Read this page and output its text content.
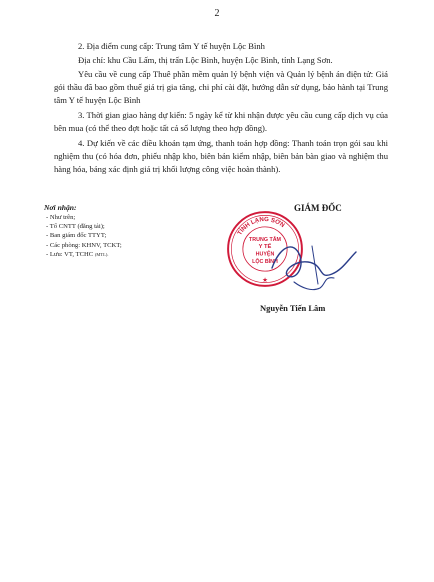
2
2. Địa điểm cung cấp: Trung tâm Y tế huyện Lộc Bình
Địa chỉ: khu Cầu Lấm, thị trấn Lộc Bình, huyện Lộc Bình, tỉnh Lạng Sơn.
Yêu cầu về cung cấp Thuê phần mềm quản lý bệnh viện và Quản lý bệnh án điện tử: Giá gói thầu đã bao gồm thuế giá trị gia tăng, chi phí cài đặt, hướng dẫn sử dụng, bảo hành tại Trung tâm Y tế huyện Lộc Bình
3. Thời gian giao hàng dự kiến: 5 ngày kể từ khi nhận được yêu cầu cung cấp dịch vụ của bên mua (có thể theo đợt hoặc tất cả số lượng theo hợp đồng).
4. Dự kiến về các điều khoản tạm ứng, thanh toán hợp đồng: Thanh toán trọn gói sau khi nghiệm thu (có hóa đơn, phiếu nhập kho, biên bản kiểm nhập, biên bản bàn giao và nghiệm thu hàng hóa, bảng xác định giá trị khối lượng công việc hoàn thành).
Nơi nhận:
- Như trên;
- Tổ CNTT (đăng tải);
- Ban giám đốc TTYT;
- Các phòng: KHNV, TCKT;
- Lưu: VT, TCHC (MTL).
TỈNH LẠNG SƠN
TRUNG TÂM
Y TẾ
HUYỆN
LỘC BÌNH
★
GIÁM ĐỐC
Nguyễn Tiến Lâm
